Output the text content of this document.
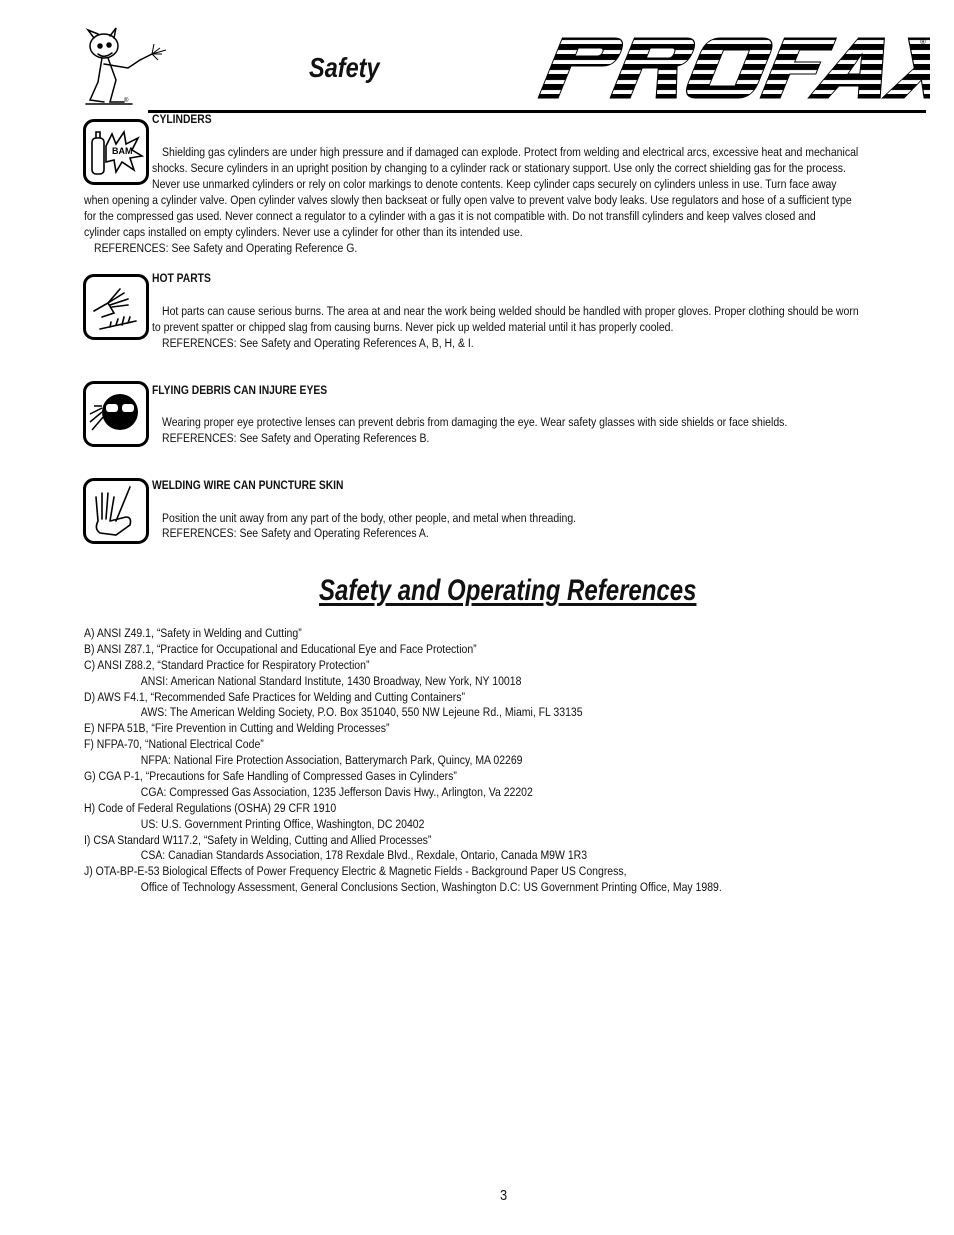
®
Safety
®
BAM
CYLINDERS
Shielding gas cylinders are under high pressure and if damaged can explode. Protect from welding and electrical arcs, excessive heat and mechanical
shocks. Secure cylinders in an upright position by changing to a cylinder rack or stationary support. Use only the correct shielding gas for the process.
Never use unmarked cylinders or rely on color markings to denote contents. Keep cylinder caps securely on cylinders unless in use. Turn face away
when opening a cylinder valve. Open cylinder valves slowly then backseat or fully open valve to prevent valve body leaks. Use regulators and hose of a sufficient type
for the compressed gas used. Never connect a regulator to a cylinder with a gas it is not compatible with. Do not transfill cylinders and keep valves closed and
cylinder caps installed on empty cylinders. Never use a cylinder for other than its intended use.
REFERENCES: See Safety and Operating Reference G.
HOT PARTS
Hot parts can cause serious burns. The area at and near the work being welded should be handled with proper gloves. Proper clothing should be worn
to prevent spatter or chipped slag from causing burns. Never pick up welded material until it has properly cooled.
REFERENCES: See Safety and Operating References A, B, H, & I.
FLYING DEBRIS CAN INJURE EYES
Wearing proper eye protective lenses can prevent debris from damaging the eye. Wear safety glasses with side shields or face shields.
REFERENCES: See Safety and Operating References B.
WELDING WIRE CAN PUNCTURE SKIN
Position the unit away from any part of the body, other people, and metal when threading.
REFERENCES: See Safety and Operating References A.
Safety and Operating References
A) ANSI Z49.1, “Safety in Welding and Cutting”
B) ANSI Z87.1, “Practice for Occupational and Educational Eye and Face Protection”
C) ANSI Z88.2, “Standard Practice for Respiratory Protection”
ANSI: American National Standard Institute, 1430 Broadway, New York, NY 10018
D) AWS F4.1, “Recommended Safe Practices for Welding and Cutting Containers”
AWS: The American Welding Society, P.O. Box 351040, 550 NW Lejeune Rd., Miami, FL 33135
E) NFPA 51B, “Fire Prevention in Cutting and Welding Processes”
F) NFPA-70, “National Electrical Code”
NFPA: National Fire Protection Association, Batterymarch Park, Quincy, MA 02269
G) CGA P-1, “Precautions for Safe Handling of Compressed Gases in Cylinders”
CGA: Compressed Gas Association, 1235 Jefferson Davis Hwy., Arlington, Va 22202
H) Code of Federal Regulations (OSHA) 29 CFR 1910
US: U.S. Government Printing Office, Washington, DC 20402
I) CSA Standard W117.2, “Safety in Welding, Cutting and Allied Processes”
CSA: Canadian Standards Association, 178 Rexdale Blvd., Rexdale, Ontario, Canada M9W 1R3
J) OTA-BP-E-53 Biological Effects of Power Frequency Electric & Magnetic Fields - Background Paper US Congress,
Office of Technology Assessment, General Conclusions Section, Washington D.C: US Government Printing Office, May 1989.
3
